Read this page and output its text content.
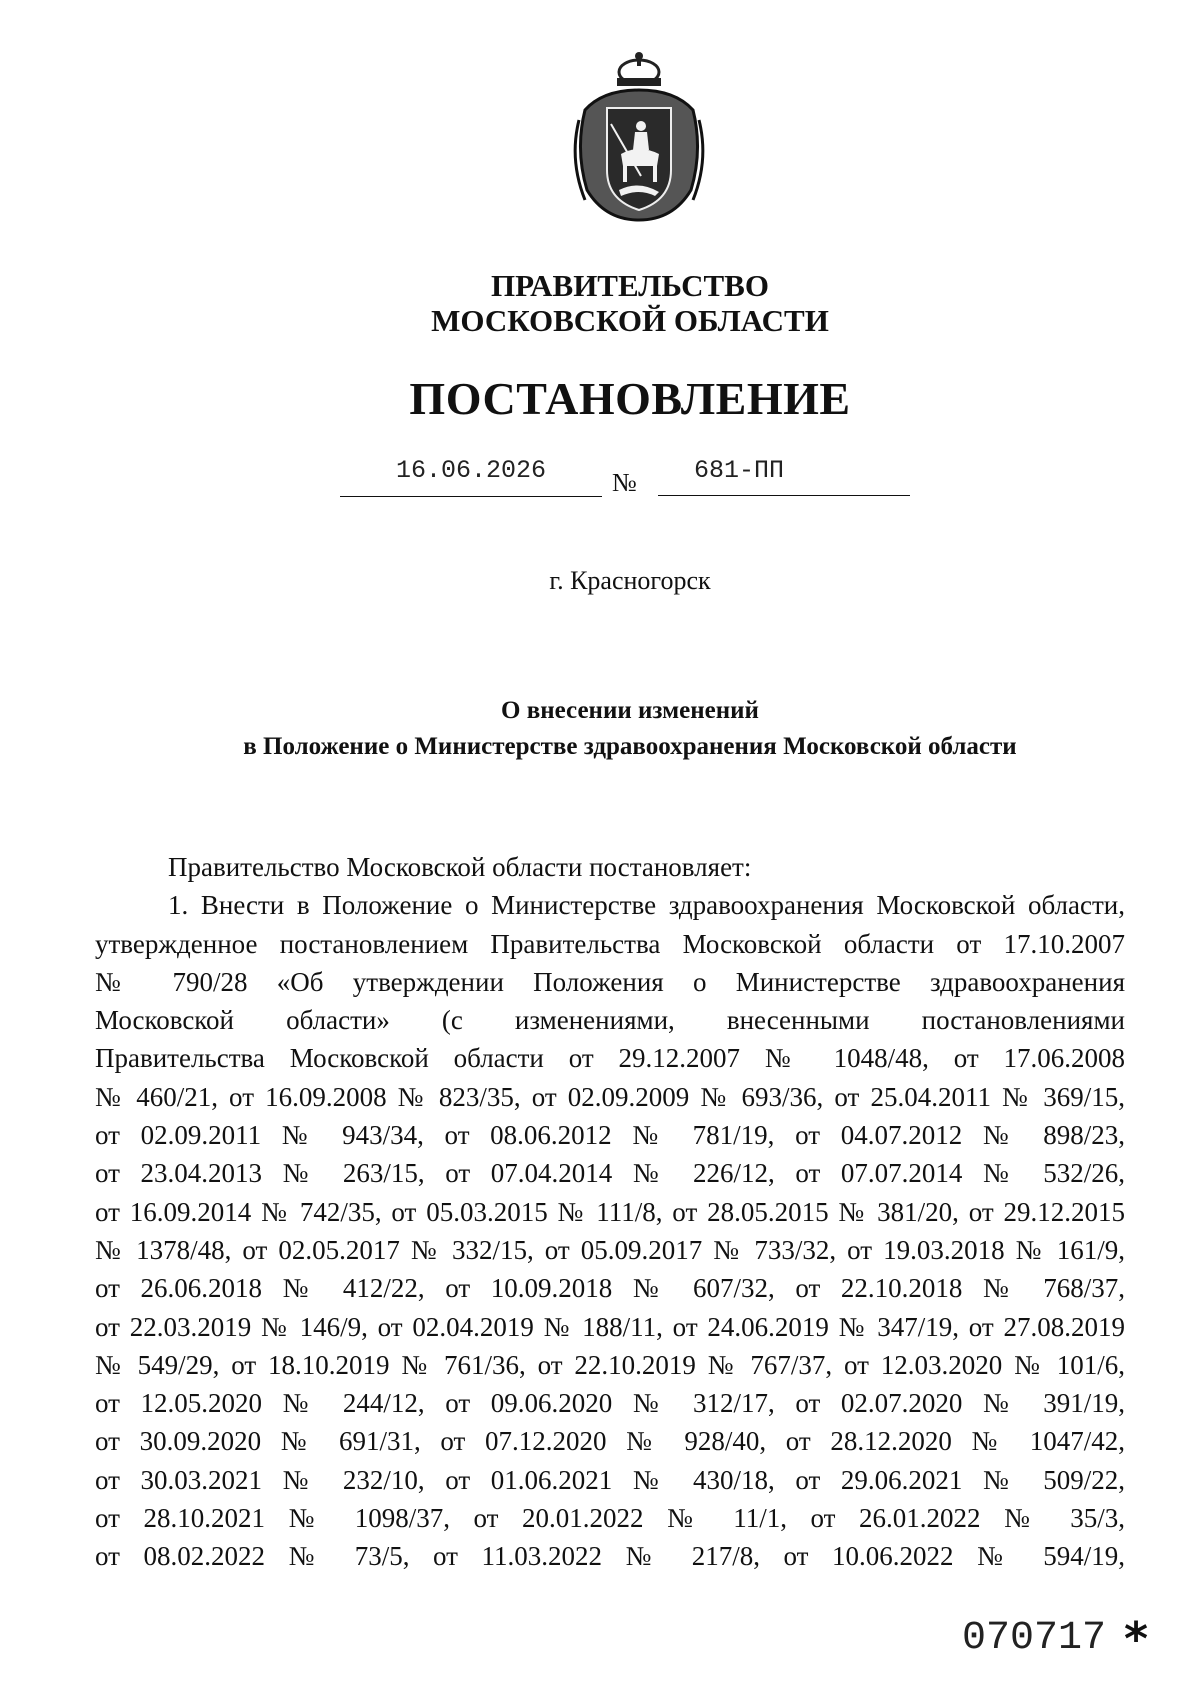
ПРАВИТЕЛЬСТВО

МОСКОВСКОЙ ОБЛАСТИ

ПОСТАНОВЛЕНИЕ

16.06.2026	№	681-ПП
г. Красногорск

О внесении изменений

в Положение о Министерстве здравоохранения Московской области

Правительство Московской области постановляет:

1. Внести в Положение о Министерстве здравоохранения Московской области,

утвержденное постановлением Правительства Московской области от 17.10.2007

№ 790/28 «Об утверждении Положения о Министерстве здравоохранения

Московской области» (с изменениями, внесенными постановлениями

Правительства Московской области от 29.12.2007 № 1048/48, от 17.06.2008

№ 460/21, от 16.09.2008 № 823/35, от 02.09.2009 № 693/36, от 25.04.2011 № 369/15,

от 02.09.2011 № 943/34, от 08.06.2012 № 781/19, от 04.07.2012 № 898/23,

от 23.04.2013 № 263/15, от 07.04.2014 № 226/12, от 07.07.2014 № 532/26,

от 16.09.2014 № 742/35, от 05.03.2015 № 111/8, от 28.05.2015 № 381/20, от 29.12.2015

№ 1378/48, от 02.05.2017 № 332/15, от 05.09.2017 № 733/32, от 19.03.2018 № 161/9,

от 26.06.2018 № 412/22, от 10.09.2018 № 607/32, от 22.10.2018 № 768/37,

от 22.03.2019 № 146/9, от 02.04.2019 № 188/11, от 24.06.2019 № 347/19, от 27.08.2019

№ 549/29, от 18.10.2019 № 761/36, от 22.10.2019 № 767/37, от 12.03.2020 № 101/6,

от 12.05.2020 № 244/12, от 09.06.2020 № 312/17, от 02.07.2020 № 391/19,

от 30.09.2020 № 691/31, от 07.12.2020 № 928/40, от 28.12.2020 № 1047/42,

от 30.03.2021 № 232/10, от 01.06.2021 № 430/18, от 29.06.2021 № 509/22,

от 28.10.2021 № 1098/37, от 20.01.2022 № 11/1, от 26.01.2022 № 35/3,

от 08.02.2022 № 73/5, от 11.03.2022 № 217/8, от 10.06.2022 № 594/19,

070717 *
